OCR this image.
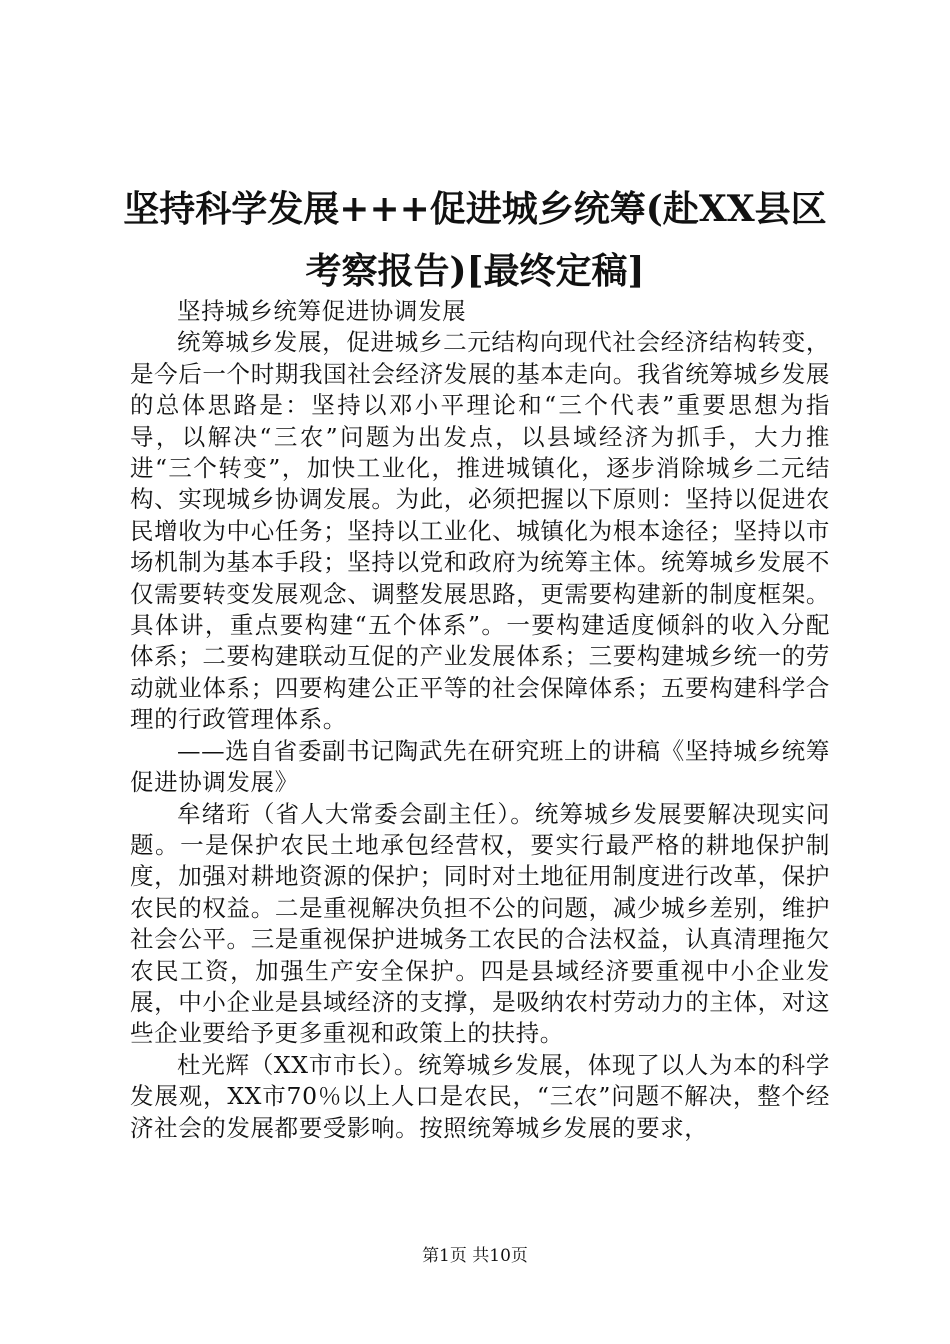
坚持科学发展+++促进城乡统筹(赴XX县区考察报告)[最终定稿]

坚持城乡统筹促进协调发展

统筹城乡发展，促进城乡二元结构向现代社会经济结构转变，是今后一个时期我国社会经济发展的基本走向。我省统筹城乡发展的总体思路是：坚持以邓小平理论和“三个代表”重要思想为指导，以解决“三农”问题为出发点，以县域经济为抓手，大力推进“三个转变”，加快工业化，推进城镇化，逐步消除城乡二元结构、实现城乡协调发展。为此，必须把握以下原则：坚持以促进农民增收为中心任务；坚持以工业化、城镇化为根本途径；坚持以市场机制为基本手段；坚持以党和政府为统筹主体。统筹城乡发展不仅需要转变发展观念、调整发展思路，更需要构建新的制度框架。具体讲，重点要构建“五个体系”。一要构建适度倾斜的收入分配体系；二要构建联动互促的产业发展体系；三要构建城乡统一的劳动就业体系；四要构建公正平等的社会保障体系；五要构建科学合理的行政管理体系。

——选自省委副书记陶武先在研究班上的讲稿《坚持城乡统筹促进协调发展》

牟绪珩（省人大常委会副主任）。统筹城乡发展要解决现实问题。一是保护农民土地承包经营权，要实行最严格的耕地保护制度，加强对耕地资源的保护；同时对土地征用制度进行改革，保护农民的权益。二是重视解决负担不公的问题，减少城乡差别，维护社会公平。三是重视保护进城务工农民的合法权益，认真清理拖欠农民工资，加强生产安全保护。四是县域经济要重视中小企业发展，中小企业是县域经济的支撑，是吸纳农村劳动力的主体，对这些企业要给予更多重视和政策上的扶持。

杜光辉（XX市市长）。统筹城乡发展，体现了以人为本的科学发展观，XX市70％以上人口是农民，“三农”问题不解决，整个经济社会的发展都要受影响。按照统筹城乡发展的要求，

第1页 共10页
